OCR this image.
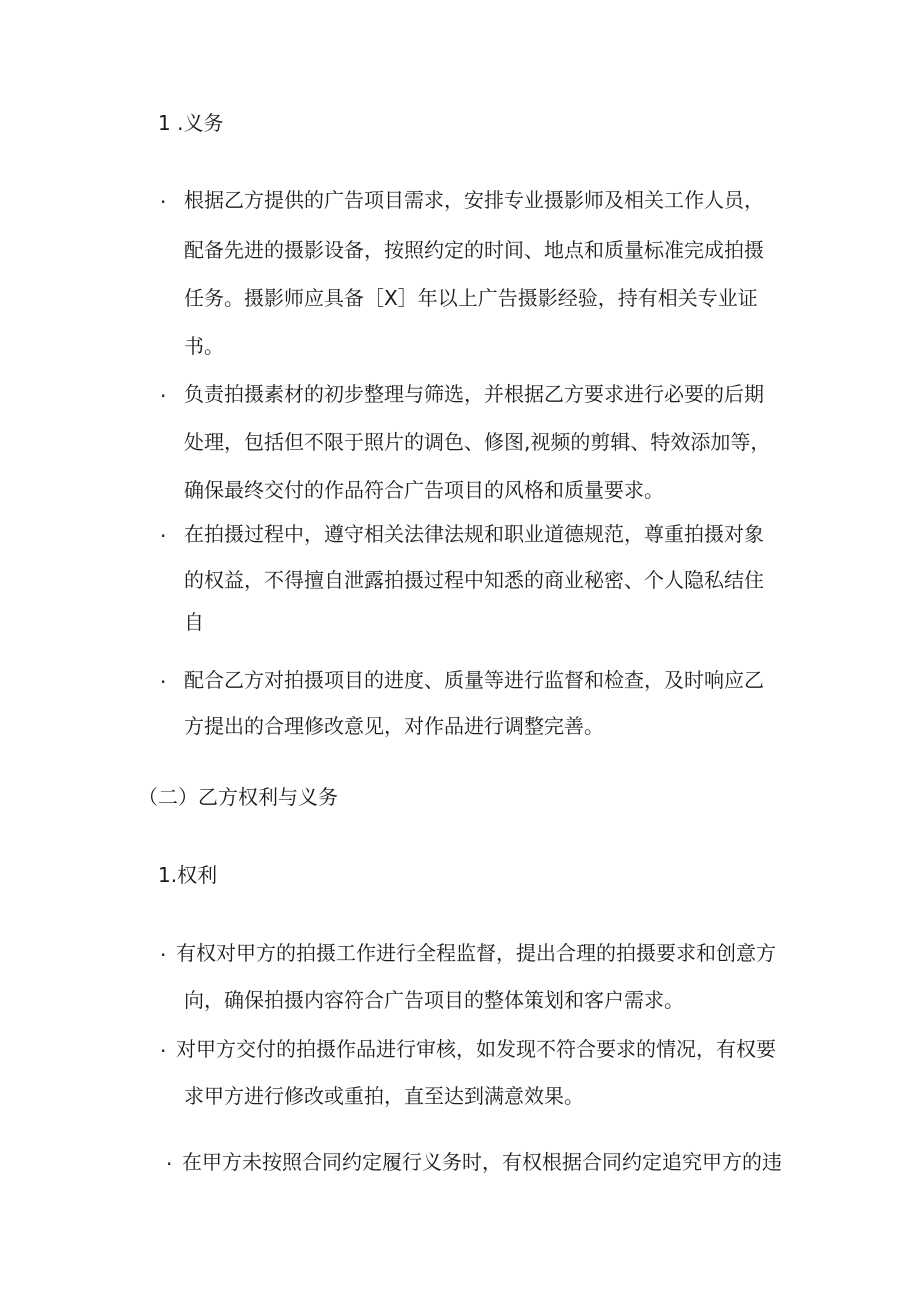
1 .义务
· 根据乙方提供的广告项目需求，安排专业摄影师及相关工作人员，
配备先进的摄影设备，按照约定的时间、地点和质量标准完成拍摄
任务。摄影师应具备［X］年以上广告摄影经验，持有相关专业证
书。
· 负责拍摄素材的初步整理与筛选，并根据乙方要求进行必要的后期
处理，包括但不限于照片的调色、修图,视频的剪辑、特效添加等，
确保最终交付的作品符合广告项目的风格和质量要求。
· 在拍摄过程中，遵守相关法律法规和职业道德规范，尊重拍摄对象
的权益，不得擅自泄露拍摄过程中知悉的商业秘密、个人隐私结住
自
· 配合乙方对拍摄项目的进度、质量等进行监督和检查，及时响应乙
方提出的合理修改意见，对作品进行调整完善。
（二）乙方权利与义务
1.权利
· 有权对甲方的拍摄工作进行全程监督，提出合理的拍摄要求和创意方
向，确保拍摄内容符合广告项目的整体策划和客户需求。
· 对甲方交付的拍摄作品进行审核，如发现不符合要求的情况，有权要
求甲方进行修改或重拍，直至达到满意效果。
· 在甲方未按照合同约定履行义务时，有权根据合同约定追究甲方的违
